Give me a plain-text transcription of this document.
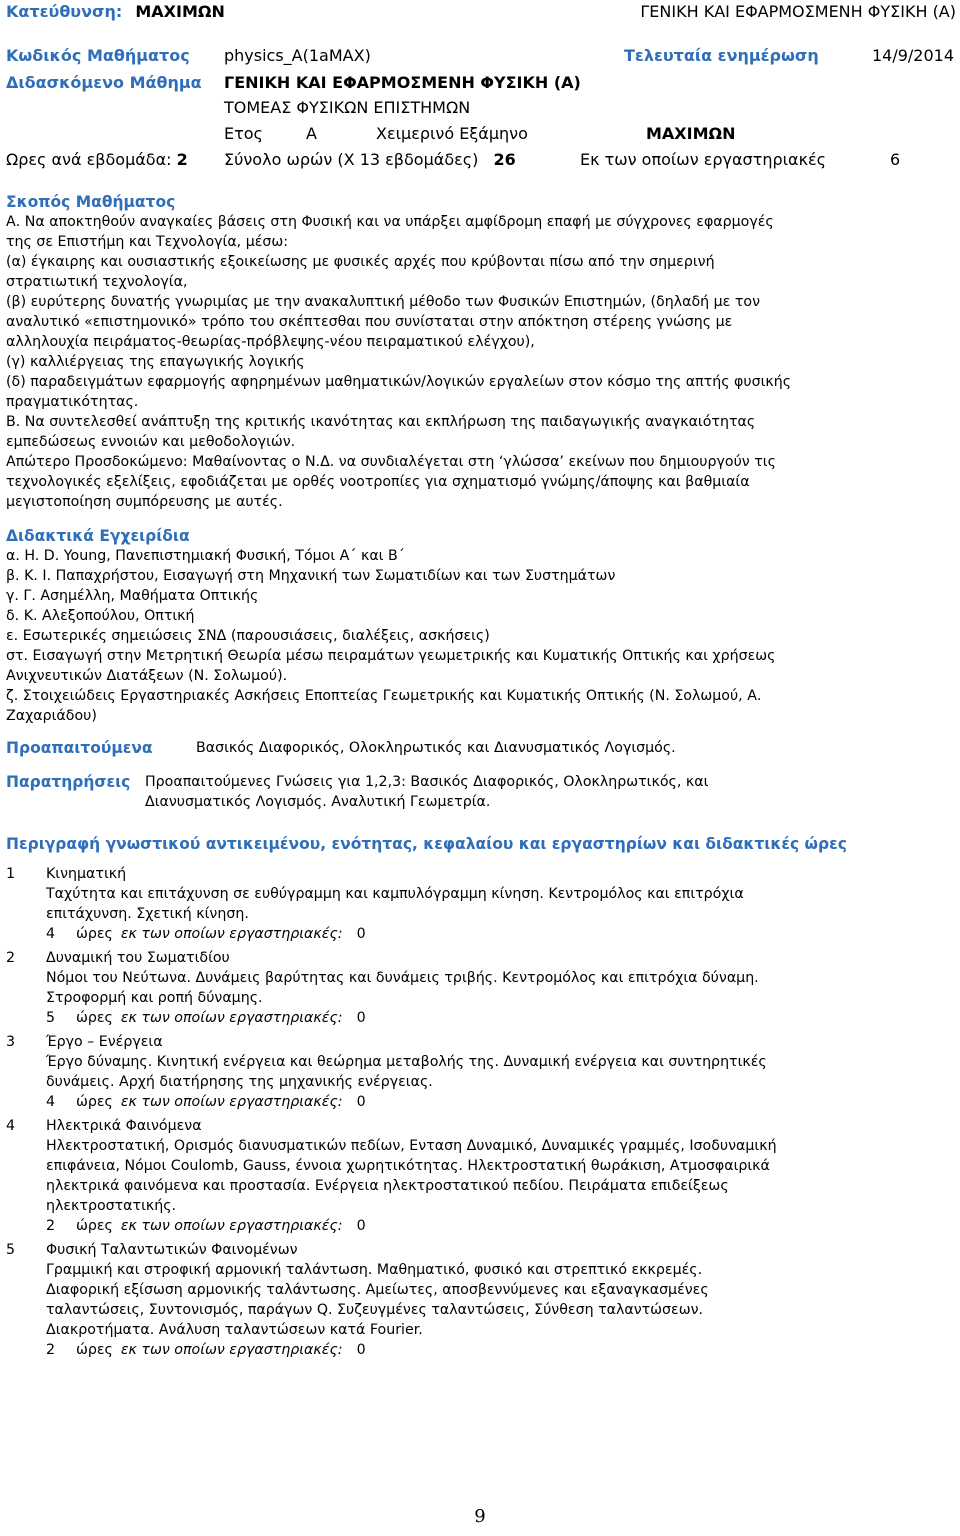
Κατεύθυνση: ΜΑΧΙΜΩΝ	ΓΕΝΙΚΗ ΚΑΙ ΕΦΑΡΜΟΣΜΕΝΗ ΦΥΣΙΚΗ (Α)
Κωδικός Μαθήματος physics_A(1aMAX)	Τελευταία ενημέρωση	14/9/2014
Διδασκόμενο Μάθημα ΓΕΝΙΚΗ ΚΑΙ ΕΦΑΡΜΟΣΜΕΝΗ ΦΥΣΙΚΗ (Α)
ΤΟΜΕΑΣ ΦΥΣΙΚΩΝ ΕΠΙΣΤΗΜΩΝ
Ετος	Α	Χειμερινό Εξάμηνο	ΜΑΧΙΜΩΝ
Ωρες ανά εβδομάδα: 2 Σύνολο ωρών (Χ 13 εβδομάδες) 26	Εκ των οποίων εργαστηριακές	6
Σκοπός Μαθήματος
Α. Να αποκτηθούν αναγκαίες βάσεις στη Φυσική και να υπάρξει αμφίδρομη επαφή με σύγχρονες εφαρμογές
της σε Επιστήμη και Τεχνολογία, μέσω:
(α) έγκαιρης και ουσιαστικής εξοικείωσης με φυσικές αρχές που κρύβονται πίσω από την σημερινή
στρατιωτική τεχνολογία,
(β) ευρύτερης δυνατής γνωριμίας με την ανακαλυπτική μέθοδο των Φυσικών Επιστημών, (δηλαδή με τον
αναλυτικό «επιστημονικό» τρόπο του σκέπτεσθαι που συνίσταται στην απόκτηση στέρεης γνώσης με
αλληλουχία πειράματος-θεωρίας-πρόβλεψης-νέου πειραματικού ελέγχου),
(γ) καλλιέργειας της επαγωγικής λογικής
(δ) παραδειγμάτων εφαρμογής αφηρημένων μαθηματικών/λογικών εργαλείων στον κόσμο της απτής φυσικής
πραγματικότητας.
Β. Να συντελεσθεί ανάπτυξη της κριτικής ικανότητας και εκπλήρωση της παιδαγωγικής αναγκαιότητας
εμπεδώσεως εννοιών και μεθοδολογιών.
Απώτερο Προσδοκώμενο: Μαθαίνοντας ο Ν.Δ. να συνδιαλέγεται στη ‘γλώσσα’ εκείνων που δημιουργούν τις
τεχνολογικές εξελίξεις, εφοδιάζεται με ορθές νοοτροπίες για σχηματισμό γνώμης/άποψης και βαθμιαία
μεγιστοποίηση συμπόρευσης με αυτές.
Διδακτικά Εγχειρίδια
α. H. D. Young, Πανεπιστημιακή Φυσική, Τόμοι Α΄ και Β΄
β. Κ. Ι. Παπαχρήστου, Εισαγωγή στη Μηχανική των Σωματιδίων και των Συστημάτων
γ. Γ. Ασημέλλη, Μαθήματα Οπτικής
δ. Κ. Αλεξοπούλου, Οπτική
ε. Εσωτερικές σημειώσεις ΣΝΔ (παρουσιάσεις, διαλέξεις, ασκήσεις)
στ. Εισαγωγή στην Μετρητική Θεωρία μέσω πειραμάτων γεωμετρικής και Κυματικής Οπτικής και χρήσεως
Ανιχνευτικών Διατάξεων (Ν. Σολωμού).
ζ. Στοιχειώδεις Εργαστηριακές Ασκήσεις Εποπτείας Γεωμετρικής και Κυματικής Οπτικής (Ν. Σολωμού, Α.
Ζαχαριάδου)
Προαπαιτούμενα	Βασικός Διαφορικός, Ολοκληρωτικός και Διανυσματικός Λογισμός.
Παρατηρήσεις Προαπαιτούμενες Γνώσεις για 1,2,3: Βασικός Διαφορικός, Ολοκληρωτικός, και
Διανυσματικός Λογισμός. Αναλυτική Γεωμετρία.
Περιγραφή γνωστικού αντικειμένου, ενότητας, κεφαλαίου και εργαστηρίων και διδακτικές ώρες
1 Κινηματική
Ταχύτητα και επιτάχυνση σε ευθύγραμμη και καμπυλόγραμμη κίνηση. Κεντρομόλος και επιτρόχια
επιτάχυνση. Σχετική κίνηση.
4 ώρες εκ των οποίων εργαστηριακές: 0
2 Δυναμική του Σωματιδίου
Νόμοι του Νεύτωνα. Δυνάμεις βαρύτητας και δυνάμεις τριβής. Κεντρομόλος και επιτρόχια δύναμη.
Στροφορμή και ροπή δύναμης.
5 ώρες εκ των οποίων εργαστηριακές: 0
3 Έργο – Ενέργεια
Έργο δύναμης. Κινητική ενέργεια και θεώρημα μεταβολής της. Δυναμική ενέργεια και συντηρητικές
δυνάμεις. Αρχή διατήρησης της μηχανικής ενέργειας.
4 ώρες εκ των οποίων εργαστηριακές: 0
4 Ηλεκτρικά Φαινόμενα
Ηλεκτροστατική, Ορισμός διανυσματικών πεδίων, Ενταση Δυναμικό, Δυναμικές γραμμές, Ισοδυναμική
επιφάνεια, Νόμοι Coulomb, Gauss, έννοια χωρητικότητας. Ηλεκτροστατική θωράκιση, Ατμοσφαιρικά
ηλεκτρικά φαινόμενα και προστασία. Ενέργεια ηλεκτροστατικού πεδίου. Πειράματα επιδείξεως
ηλεκτροστατικής.
2 ώρες εκ των οποίων εργαστηριακές: 0
5 Φυσική Ταλαντωτικών Φαινομένων
Γραμμική και στροφική αρμονική ταλάντωση. Μαθηματικό, φυσικό και στρεπτικό εκκρεμές.
Διαφορική εξίσωση αρμονικής ταλάντωσης. Αμείωτες, αποσβεννύμενες και εξαναγκασμένες
ταλαντώσεις, Συντονισμός, παράγων Q. Συζευγμένες ταλαντώσεις, Σύνθεση ταλαντώσεων.
Διακροτήματα. Ανάλυση ταλαντώσεων κατά Fourier.
2 ώρες εκ των οποίων εργαστηριακές: 0
9
